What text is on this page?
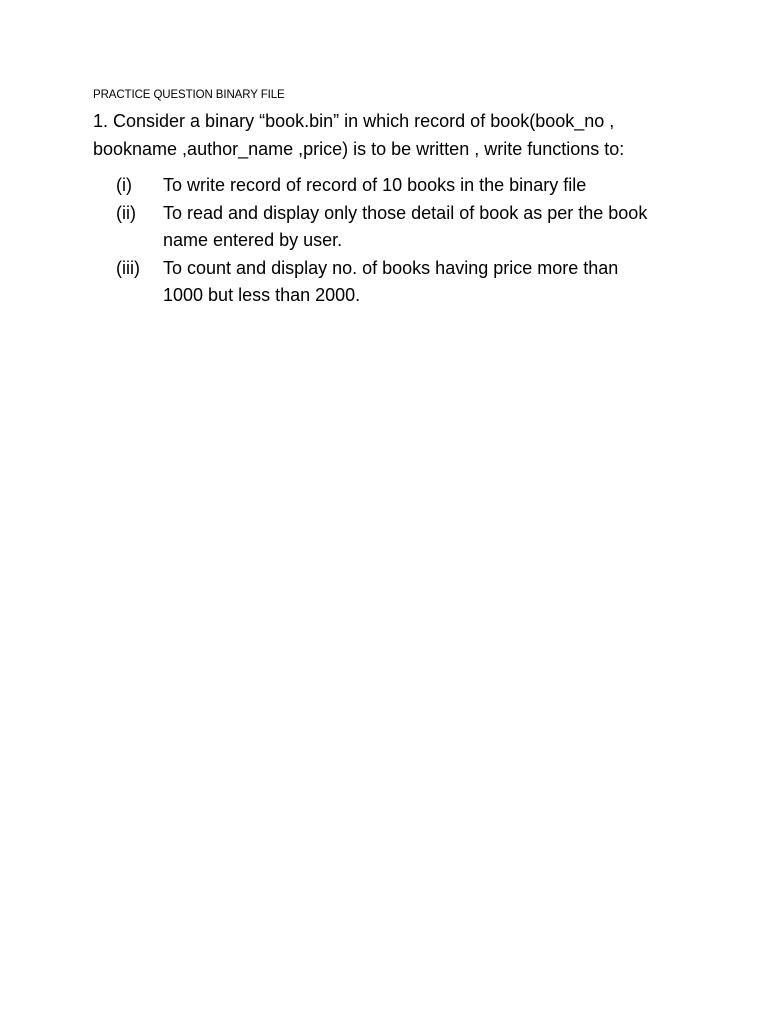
PRACTICE QUESTION BINARY FILE
1. Consider a binary “book.bin” in which record of book(book_no ,
bookname ,author_name ,price) is to be written , write functions to:
(i) To write record of record of 10 books in the binary file
(ii) To read and display only those detail of book as per the book
name entered by user.
(iii) To count and display no. of books having price more than
1000 but less than 2000.
